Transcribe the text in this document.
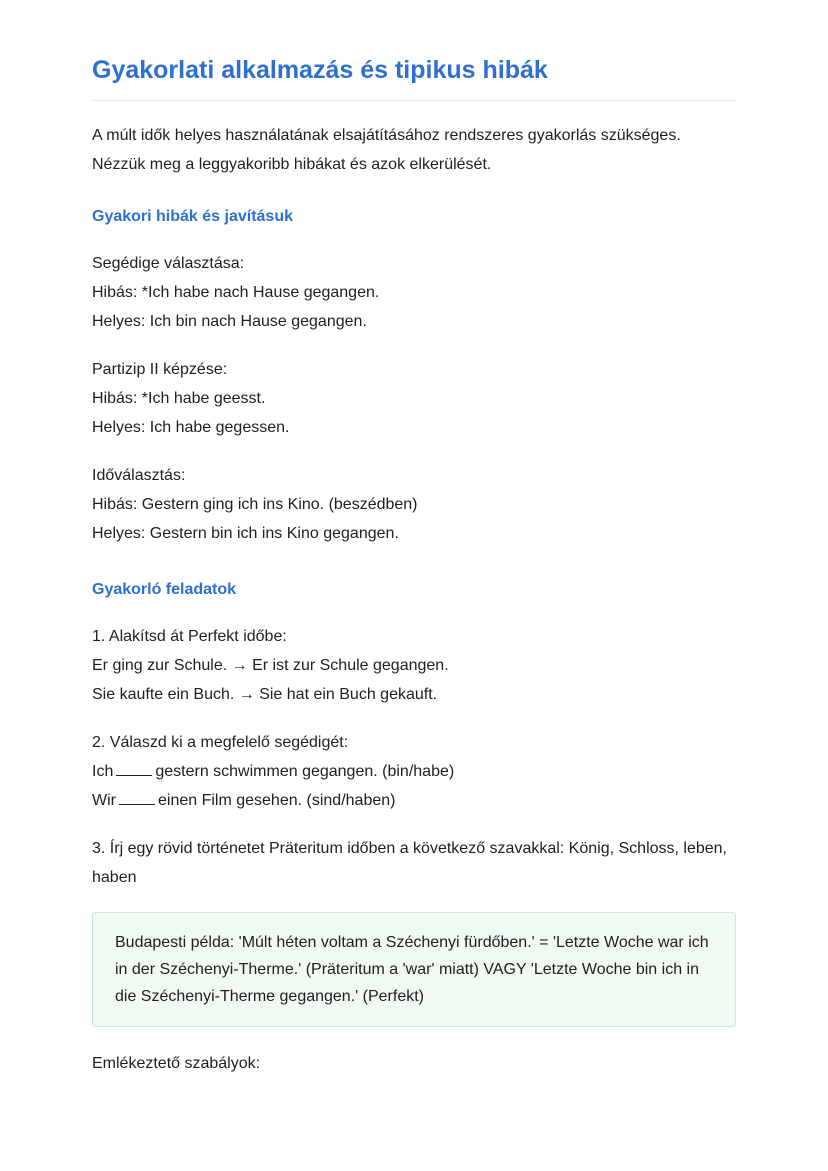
Gyakorlati alkalmazás és tipikus hibák

A múlt idők helyes használatának elsajátításához rendszeres gyakorlás szükséges. Nézzük meg a leggyakoribb hibákat és azok elkerülését.

Gyakori hibák és javításuk
Segédige választása:
Hibás: *Ich habe nach Hause gegangen.
Helyes: Ich bin nach Hause gegangen.
Partizip II képzése:
Hibás: *Ich habe geesst.
Helyes: Ich habe gegessen.
Időválasztás:
Hibás: Gestern ging ich ins Kino. (beszédben)
Helyes: Gestern bin ich ins Kino gegangen.
Gyakorló feladatok
1. Alakítsd át Perfekt időbe:
Er ging zur Schule. → Er ist zur Schule gegangen.
Sie kaufte ein Buch. → Sie hat ein Buch gekauft.
2. Válaszd ki a megfelelő segédigét:
Ich	gestern schwimmen gegangen. (bin/habe)
Wir	einen Film gesehen. (sind/haben)

3. Írj egy rövid történetet Präteritum időben a következő szavakkal: König, Schloss, leben, haben

Budapesti példa: 'Múlt héten voltam a Széchenyi fürdőben.' = 'Letzte Woche war ich in der Széchenyi-Therme.' (Präteritum a 'war' miatt) VAGY 'Letzte Woche bin ich in die Széchenyi-Therme gegangen.' (Perfekt)

Emlékeztető szabályok:
